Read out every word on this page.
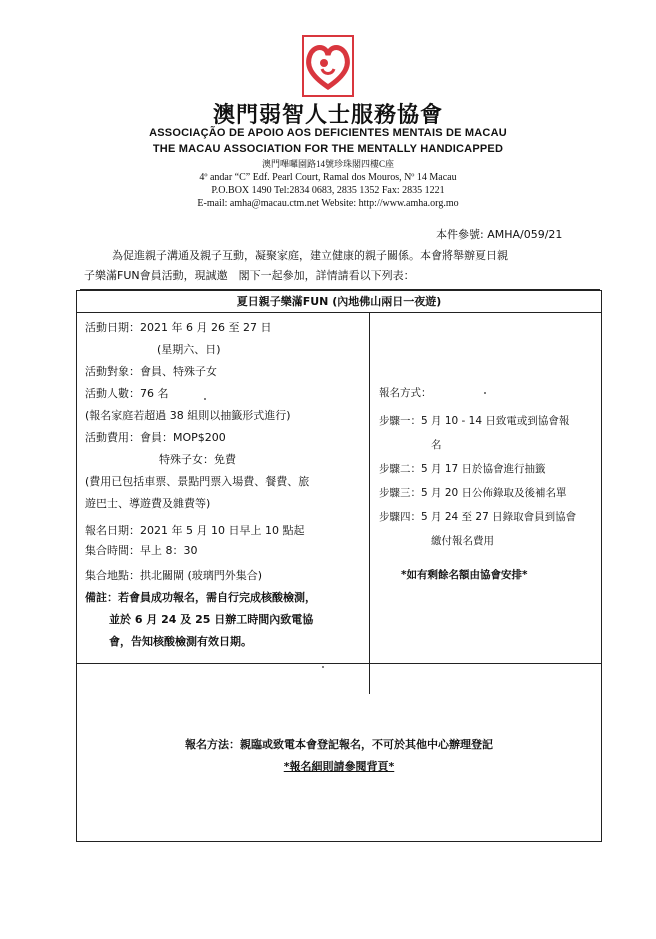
澳門弱智人士服務協會
ASSOCIAÇÃO DE APOIO AOS DEFICIENTES MENTAIS DE MACAU
THE MACAU ASSOCIATION FOR THE MENTALLY HANDICAPPED
澳門嗶囉園路14號珍珠閣四樓C座
4º andar “C” Edf. Pearl Court, Ramal dos Mouros, Nº 14 Macau
P.O.BOX 1490 Tel:2834 0683, 2835 1352 Fax: 2835 1221
E-mail: amha@macau.ctm.net Website: http://www.amha.org.mo
本件參號: AMHA/059/21
為促進親子溝通及親子互動，凝聚家庭，建立健康的親子關係。本會將舉辦夏日親
子樂滿FUN會員活動，現誠邀　閣下一起參加，詳情請看以下列表：
夏日親子樂滿FUN (內地佛山兩日一夜遊)
活動日期：2021 年 6 月 26 至 27 日
(星期六、日)
活動對象：會員、特殊子女
活動人數：76 名
(報名家庭若超過 38 組則以抽籤形式進行)
活動費用：會員：MOP$200
特殊子女：免費
(費用已包括車票、景點門票入場費、餐費、旅
遊巴士、導遊費及雜費等)
報名日期：2021 年 5 月 10 日早上 10 點起
集合時間：早上 8：30
集合地點：拱北關閘 (玻璃門外集合)
備註：若會員成功報名，需自行完成核酸檢測，
並於 6 月 24 及 25 日辦工時間內致電協
會，告知核酸檢測有效日期。
報名方式：
步驟一：5 月 10 - 14 日致電或到協會報
名
步驟二：5 月 17 日於協會進行抽籤
步驟三：5 月 20 日公佈錄取及後補名單
步驟四：5 月 24 至 27 日錄取會員到協會
繳付報名費用
*如有剩餘名額由協會安排*
報名方法：親臨或致電本會登記報名，不可於其他中心辦理登記
*報名細則請參閱背頁*
